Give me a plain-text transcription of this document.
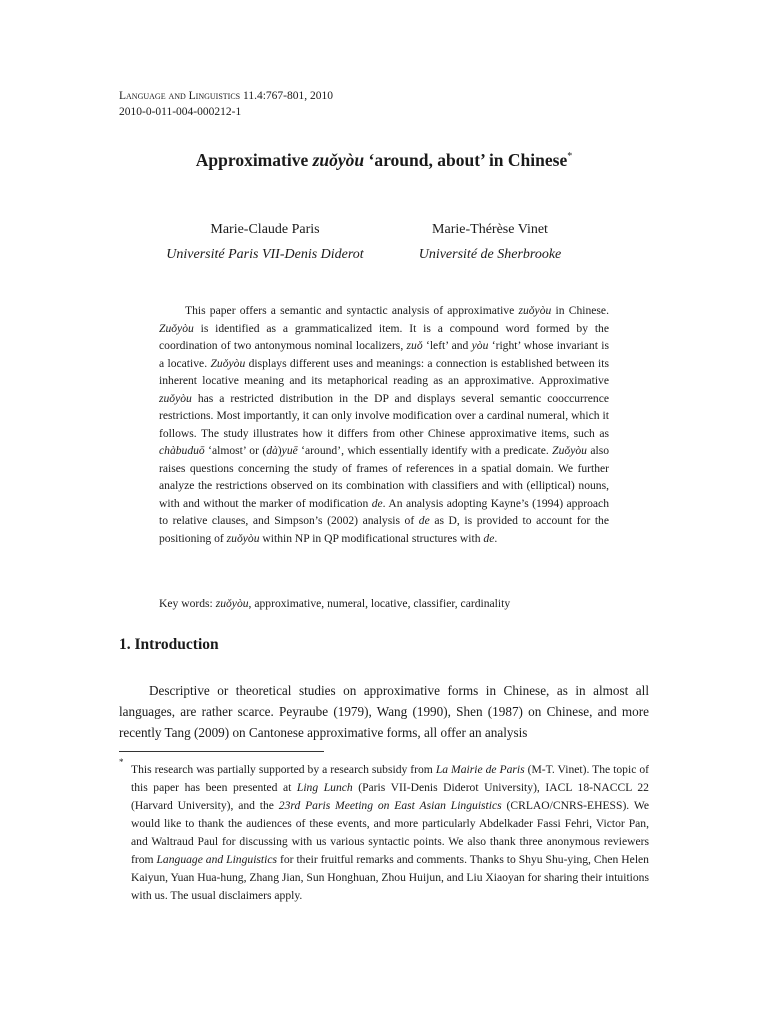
Language and Linguistics 11.4:767-801, 2010
2010-0-011-004-000212-1
Approximative zuǒyòu ‘around, about’ in Chinese*
Marie-Claude Paris
Université Paris VII-Denis Diderot
Marie-Thérèse Vinet
Université de Sherbrooke
This paper offers a semantic and syntactic analysis of approximative zuǒyòu in Chinese. Zuǒyòu is identified as a grammaticalized item. It is a compound word formed by the coordination of two antonymous nominal localizers, zuǒ ‘left’ and yòu ‘right’ whose invariant is a locative. Zuǒyòu displays different uses and meanings: a connection is established between its inherent locative meaning and its metaphorical reading as an approximative. Approximative zuǒyòu has a restricted distribution in the DP and displays several semantic cooccurrence restrictions. Most importantly, it can only involve modification over a cardinal numeral, which it follows. The study illustrates how it differs from other Chinese approximative items, such as chàbuduō ‘almost’ or (dà)yuē ‘around’, which essentially identify with a predicate. Zuǒyòu also raises questions concerning the study of frames of references in a spatial domain. We further analyze the restrictions observed on its combination with classifiers and with (elliptical) nouns, with and without the marker of modification de. An analysis adopting Kayne’s (1994) approach to relative clauses, and Simpson’s (2002) analysis of de as D, is provided to account for the positioning of zuǒyòu within NP in QP modificational structures with de.
Key words: zuǒyòu, approximative, numeral, locative, classifier, cardinality
1. Introduction
Descriptive or theoretical studies on approximative forms in Chinese, as in almost all languages, are rather scarce. Peyraube (1979), Wang (1990), Shen (1987) on Chinese, and more recently Tang (2009) on Cantonese approximative forms, all offer an analysis
*
This research was partially supported by a research subsidy from La Mairie de Paris (M-T. Vinet). The topic of this paper has been presented at Ling Lunch (Paris VII-Denis Diderot University), IACL 18-NACCL 22 (Harvard University), and the 23rd Paris Meeting on East Asian Linguistics (CRLAO/CNRS-EHESS). We would like to thank the audiences of these events, and more particularly Abdelkader Fassi Fehri, Victor Pan, and Waltraud Paul for discussing with us various syntactic points. We also thank three anonymous reviewers from Language and Linguistics for their fruitful remarks and comments. Thanks to Shyu Shu-ying, Chen Helen Kaiyun, Yuan Hua-hung, Zhang Jian, Sun Honghuan, Zhou Huijun, and Liu Xiaoyan for sharing their intuitions with us. The usual disclaimers apply.
